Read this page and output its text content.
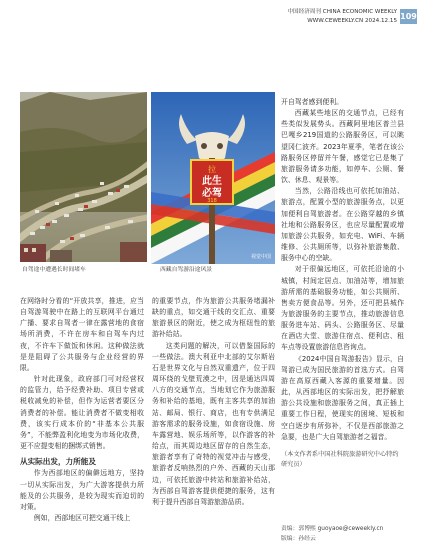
中国经济周刊 CHINA ECONOMIC WEEKLY
WWW.CEWEEKLY.CN 2024.12.15 109
自驾途中遭遇长时间堵车
拉
此生
必驾
318
视觉中国
西藏自驾游沿途风景

在网络时分看的“开放共享，推进，应当自驾游驾驶中在路上的互联网平台通过广播、要求自驾者一律在露营地的食宿场所消费，不许在房车和自驾车内过夜，不许车下做饭和休闲。这种做法就是是阻碍了公共服务与企业经营的界限。

针对此现象，政府部门可对经营权的监管力，给予经费补助、项目专营或税收减免的补偿，但作为运营者要区分消费者的补偿。能让消费者不做变相收费，该实行成本价的“非基本公共服务”，不能弊盈利化地变为市场化收费，更不应提变相的捆绑式销售。

从实际出发，力所能及

作为西部地区的偏僻远地方，坚持一切从实际出发，为广大游客提供力所能及的公共服务，是较为现实而迫切的对策。

例如，西部地区可把交通干线上

的重要节点，作为旅游公共服务堵漏补缺的重点，如交通干线的交汇点、重要旅游景区的附近，使之成为枢纽性的旅游补给站。

这类问题的解决，可以借鉴国际的一些做法。澳大利亚中北部的艾尔斯岩石是世界文化与自然双重遗产，位于四周环绕的戈壁荒漠之中，因是通达四周八方的交通节点，当地划它作为旅游服务和补给的基地，既有主客共享的加油站、邮局、银行、商店，也有专供满足游客需求的服务设施，如食宿设施、房车露营地、娱乐场所等，以作游客的补给点，而其周边地区留存的自然生态，旅游者享有了奇特的视觉冲击与感受，旅游者反响热烈的户外、西藏的天山那边，可依托旅游中转站和旅游补给站，为西部自驾游客提供便捷的服务，这有利于提升西部自驾游旅游品质。

开自驾者感到便利。

西藏某些地区的交通节点，已经有些类似发展势头。西藏阿里地区普兰县巴嘎乡219国道的公路服务区，可以眺望冈仁波齐。2023年夏季，笔者在该公路服务区停留并午餐，感觉它已是集了旅游服务请多功能，如停车、公厕、餐饮、休息、观景等。

当然，公路沿线也可依托加油站、旅游点，配置小型的旅游服务点，以更加便利自驾旅游者。在公路穿越的乡镇社地和公路服务区，也应尽量配置或增加旅游公共服务，如充电、WiFi、车辆维修、公共厕所等，以弥补旅游集散、服务中心的空缺。

对于很偏远地区，可依托沿途的小城镇，村间定居点、加油站等，增加旅游所需的基础服务功能，如公共厕所、售卖方便食品等。另外，还可把县城作为旅游服务的主要节点，推动旅游信息服务进车站、码头、公路服务区、尽量在酒店大堂、旅游住宿点、便利店、租车点等设置旅游信息咨询点。

《2024中国自驾游报告》显示，自驾游已成为国民旅游的首选方式。自驾游在高原西藏入客源的重要增量。因此，从西部地区的实际出发，把抒解旅游公共设施和旅游服务之间，真正插上重要工作日程，使现实的困境、短板和空白逐步有所弥补，不仅是西部旅游之急要，也是广大自驾旅游者之福音。

（本文作者系中国社科院旅游研究中心特约研究员）
责编：郭博熙 guoyaoe@ceweekly.cn
版编：孙经云
